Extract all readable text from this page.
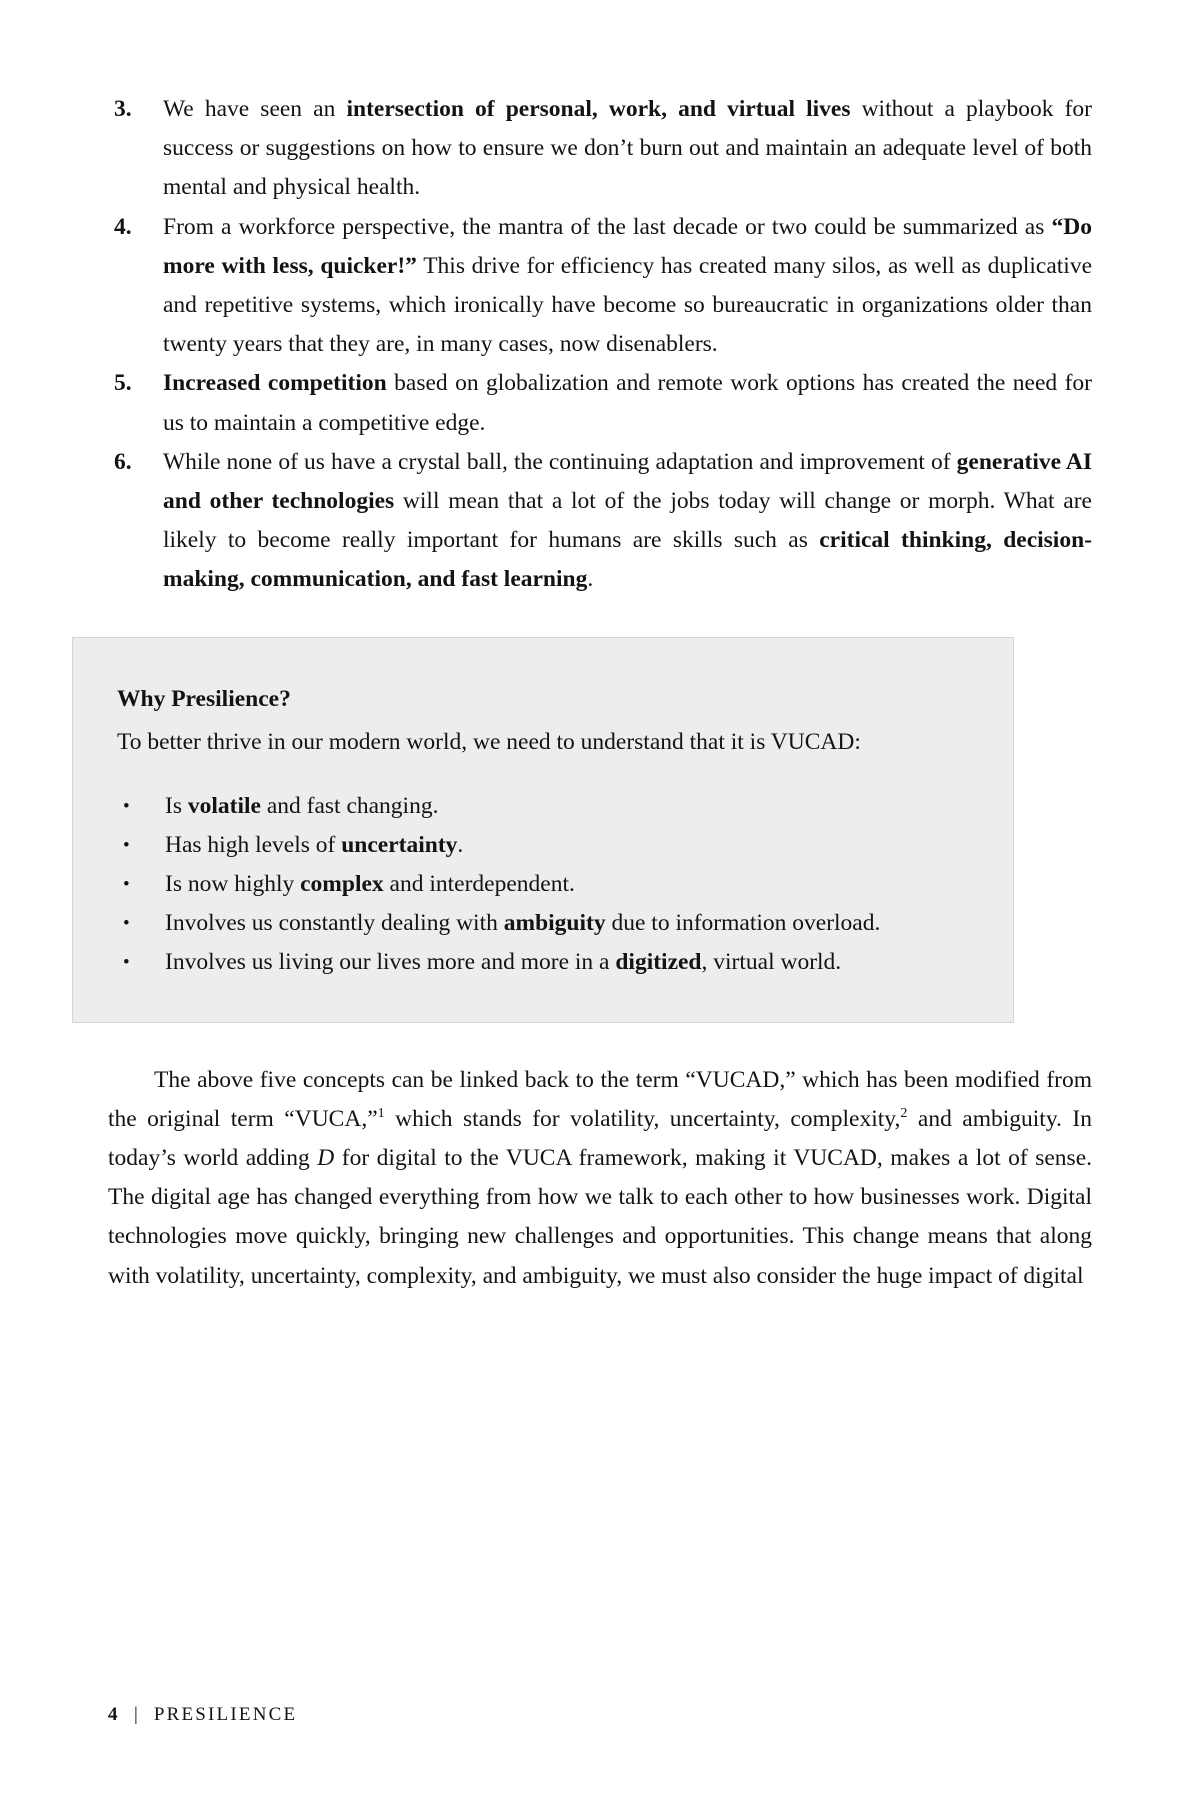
3. We have seen an intersection of personal, work, and virtual lives without a playbook for success or suggestions on how to ensure we don’t burn out and maintain an adequate level of both mental and physical health.
4. From a workforce perspective, the mantra of the last decade or two could be summarized as “Do more with less, quicker!” This drive for efficiency has created many silos, as well as duplicative and repetitive systems, which ironically have become so bureaucratic in organizations older than twenty years that they are, in many cases, now disenablers.
5. Increased competition based on globalization and remote work options has created the need for us to maintain a competitive edge.
6. While none of us have a crystal ball, the continuing adaptation and improvement of generative AI and other technologies will mean that a lot of the jobs today will change or morph. What are likely to become really important for humans are skills such as critical thinking, decision-making, communication, and fast learning.
Why Presilience?
To better thrive in our modern world, we need to understand that it is VUCAD:
• Is volatile and fast changing.
• Has high levels of uncertainty.
• Is now highly complex and interdependent.
• Involves us constantly dealing with ambiguity due to information overload.
• Involves us living our lives more and more in a digitized, virtual world.

The above five concepts can be linked back to the term “VUCAD,” which has been modified from the original term “VUCA,”$^1$ which stands for volatility, uncertainty, complexity,$^2$ and ambiguity. In today’s world adding D for digital to the VUCA framework, making it VUCAD, makes a lot of sense. The digital age has changed everything from how we talk to each other to how businesses work. Digital technologies move quickly, bringing new challenges and opportunities. This change means that along with volatility, uncertainty, complexity, and ambiguity, we must also consider the huge impact of digital

4 | PRESILIENCE
